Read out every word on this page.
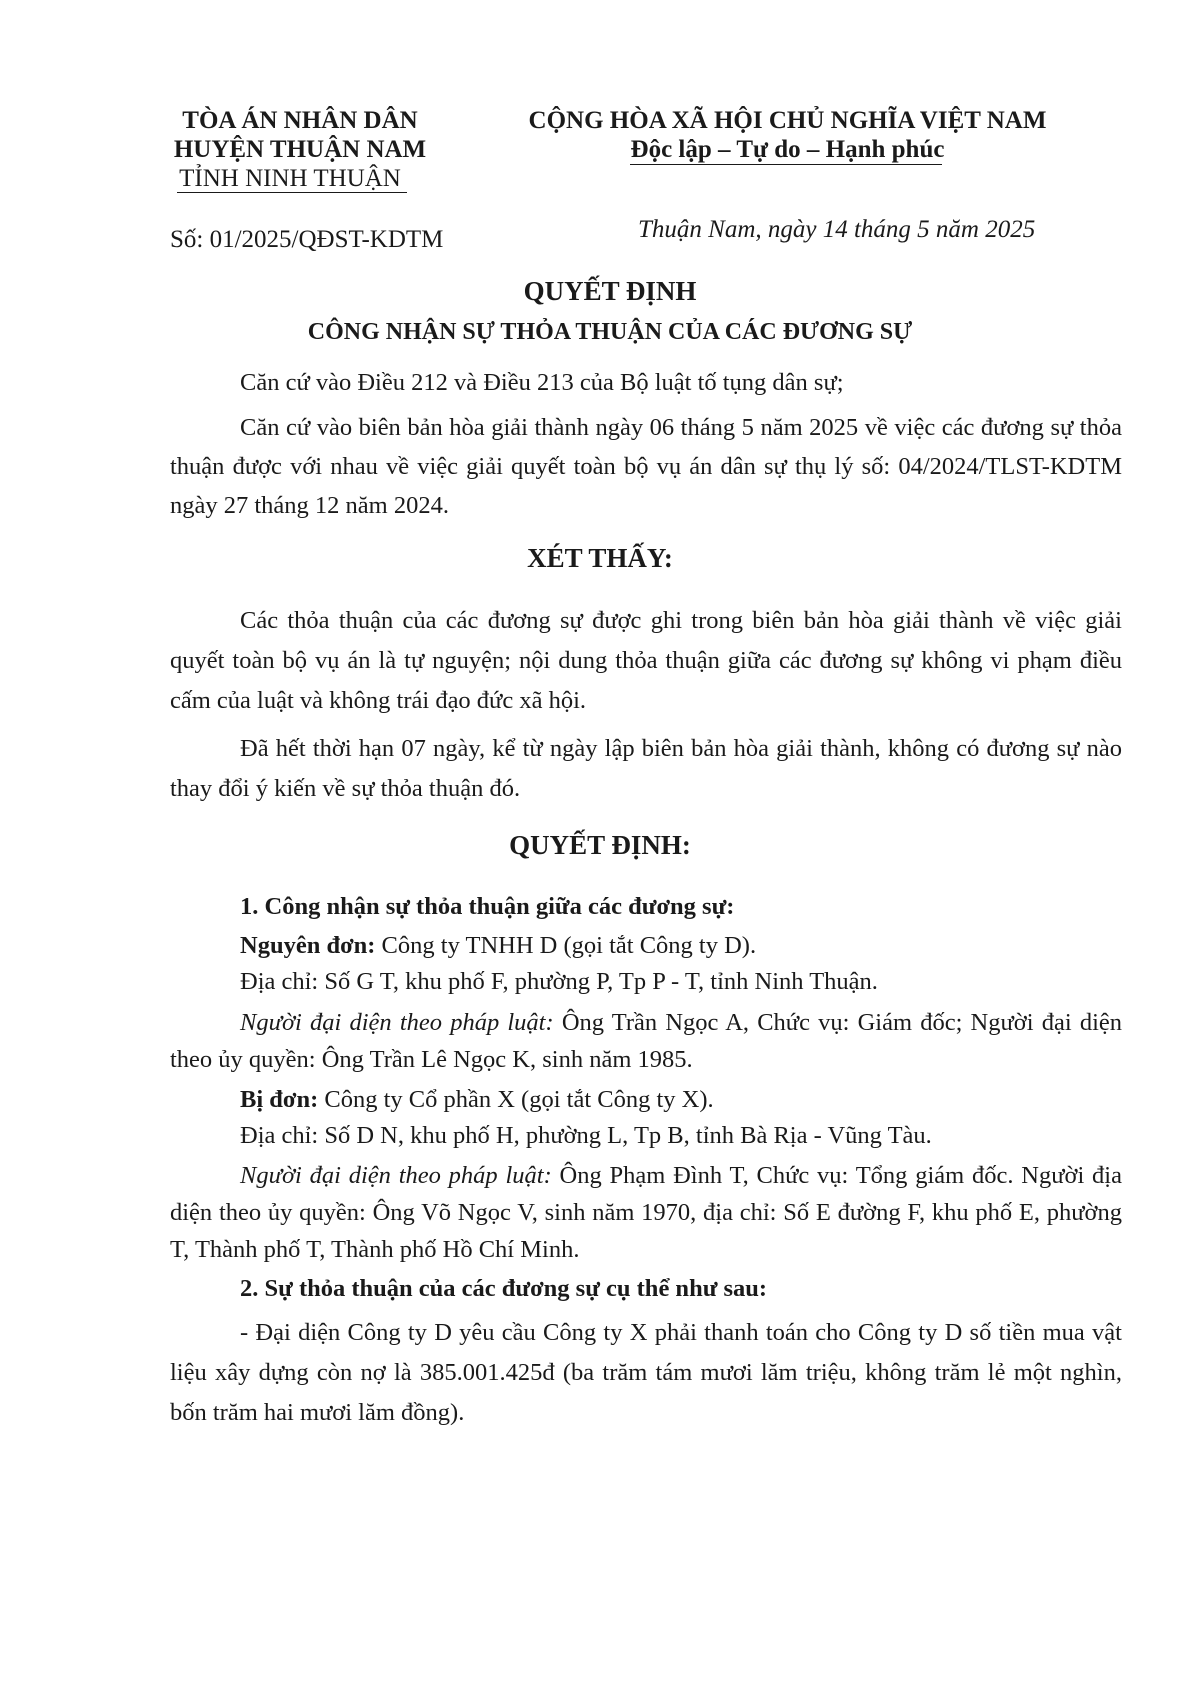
TÒA ÁN NHÂN DÂN
HUYỆN THUẬN NAM
TỈNH NINH THUẬN
CỘNG HÒA XÃ HỘI CHỦ NGHĨA VIỆT NAM
Độc lập – Tự do – Hạnh phúc
Số: 01/2025/QĐST-KDTM	Thuận Nam, ngày 14 tháng 5 năm 2025
QUYẾT ĐỊNH
CÔNG NHẬN SỰ THỎA THUẬN CỦA CÁC ĐƯƠNG SỰ
Căn cứ vào Điều 212 và Điều 213 của Bộ luật tố tụng dân sự;
Căn cứ vào biên bản hòa giải thành ngày 06 tháng 5 năm 2025 về việc các đương sự thỏa thuận được với nhau về việc giải quyết toàn bộ vụ án dân sự thụ lý số: 04/2024/TLST-KDTM ngày 27 tháng 12 năm 2024.
XÉT THẤY:
Các thỏa thuận của các đương sự được ghi trong biên bản hòa giải thành về việc giải quyết toàn bộ vụ án là tự nguyện; nội dung thỏa thuận giữa các đương sự không vi phạm điều cấm của luật và không trái đạo đức xã hội.
Đã hết thời hạn 07 ngày, kể từ ngày lập biên bản hòa giải thành, không có đương sự nào thay đổi ý kiến về sự thỏa thuận đó.
QUYẾT ĐỊNH:
1. Công nhận sự thỏa thuận giữa các đương sự:
Nguyên đơn: Công ty TNHH D (gọi tắt Công ty D).
Địa chỉ: Số G T, khu phố F, phường P, Tp P - T, tỉnh Ninh Thuận.
Người đại diện theo pháp luật: Ông Trần Ngọc A, Chức vụ: Giám đốc; Người đại diện theo ủy quyền: Ông Trần Lê Ngọc K, sinh năm 1985.
Bị đơn: Công ty Cổ phần X (gọi tắt Công ty X).
Địa chỉ: Số D N, khu phố H, phường L, Tp B, tỉnh Bà Rịa - Vũng Tàu.
Người đại diện theo pháp luật: Ông Phạm Đình T, Chức vụ: Tổng giám đốc. Người địa diện theo ủy quyền: Ông Võ Ngọc V, sinh năm 1970, địa chỉ: Số E đường F, khu phố E, phường T, Thành phố T, Thành phố Hồ Chí Minh.
2. Sự thỏa thuận của các đương sự cụ thể như sau:
- Đại diện Công ty D yêu cầu Công ty X phải thanh toán cho Công ty D số tiền mua vật liệu xây dựng còn nợ là 385.001.425đ (ba trăm tám mươi lăm triệu, không trăm lẻ một nghìn, bốn trăm hai mươi lăm đồng).
